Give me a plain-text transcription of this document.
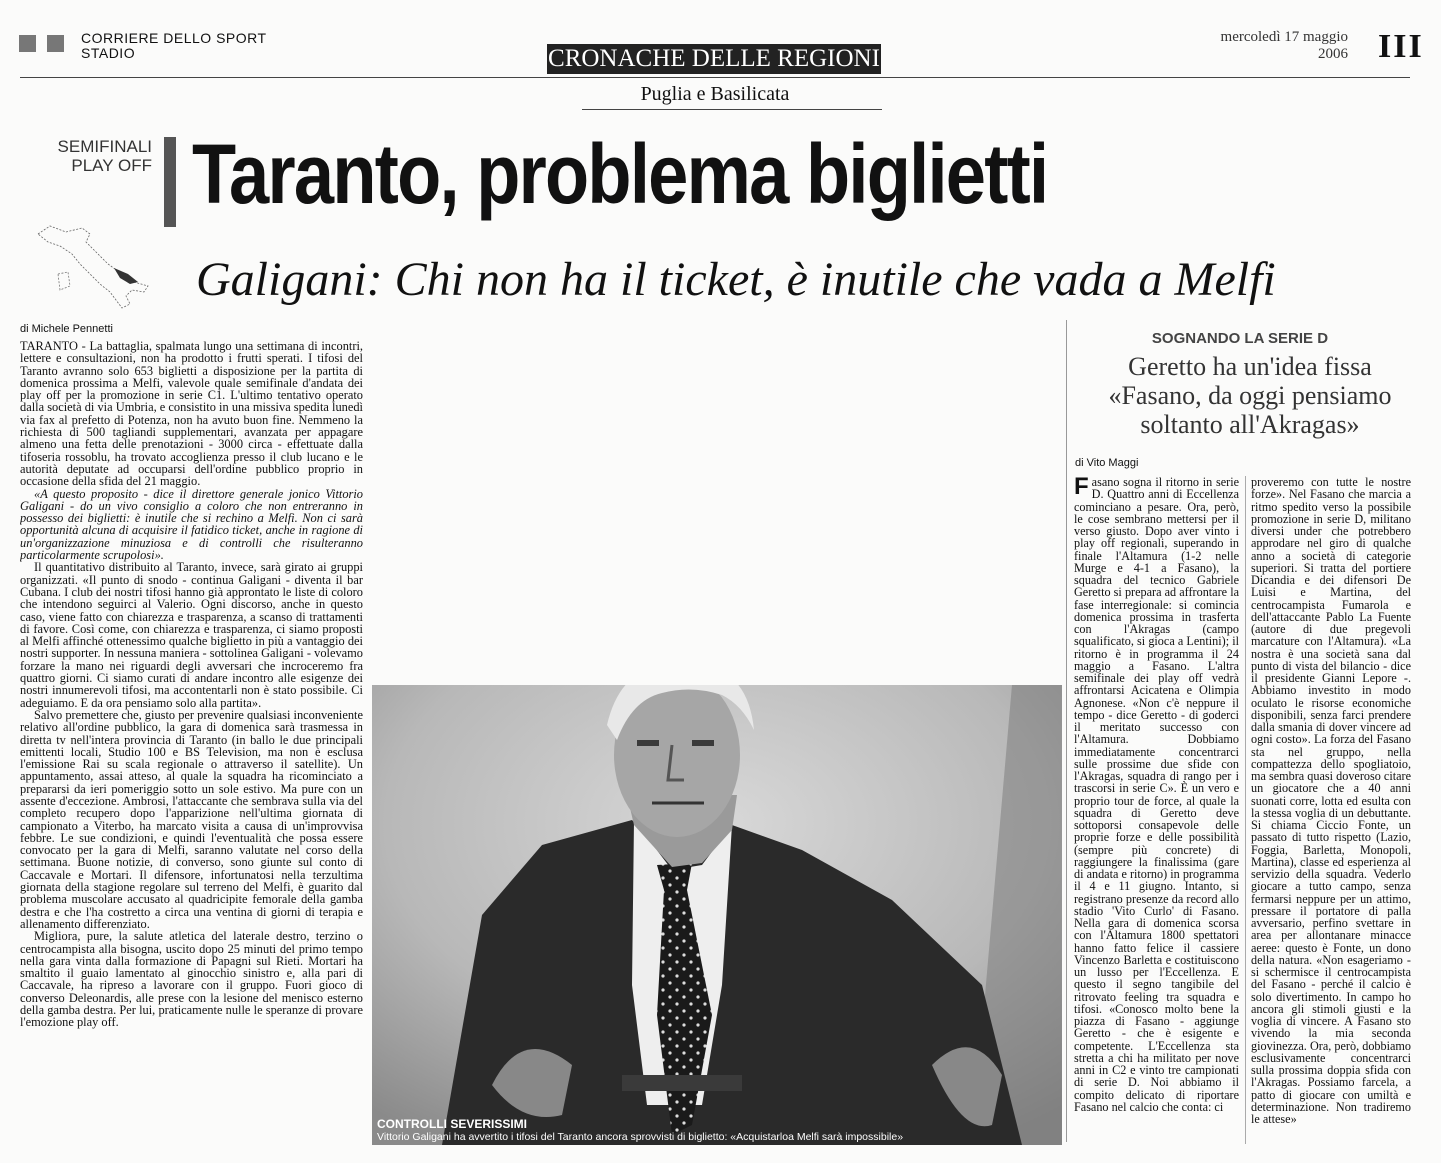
CORRIERE DELLO SPORT
STADIO	CRONACHE DELLE REGIONI
Puglia e Basilicata
mercoledì 17 maggio
2006 III
SEMIFINALI
PLAY OFF Taranto, problema biglietti
Galigani: Chi non ha il ticket, è inutile che vada a Melfi
di Michele Pennetti

TARANTO - La battaglia, spalmata lungo una settimana di incontri, lettere e consultazioni, non ha prodotto i frutti sperati. I tifosi del Taranto avranno solo 653 biglietti a disposizione per la partita di domenica prossima a Melfi, valevole quale semifinale d'andata dei play off per la promozione in serie C1. L'ultimo tentativo operato dalla società di via Umbria, e consistito in una missiva spedita lunedì via fax al prefetto di Potenza, non ha avuto buon fine. Nemmeno la richiesta di 500 tagliandi supplementari, avanzata per appagare almeno una fetta delle prenotazioni - 3000 circa - effettuate dalla tifoseria rossoblu, ha trovato accoglienza presso il club lucano e le autorità deputate ad occuparsi dell'ordine pubblico proprio in occasione della sfida del 21 maggio.

«A questo proposito - dice il direttore generale jonico Vittorio Galigani - do un vivo consiglio a coloro che non entreranno in possesso dei biglietti: è inutile che si rechino a Melfi. Non ci sarà opportunità alcuna di acquisire il fatidico ticket, anche in ragione di un'organizzazione minuziosa e di controlli che risulteranno particolarmente scrupolosi».

Il quantitativo distribuito al Taranto, invece, sarà girato ai gruppi organizzati. «Il punto di snodo - continua Galigani - diventa il bar Cubana. I club dei nostri tifosi hanno già approntato le liste di coloro che intendono seguirci al Valerio. Ogni discorso, anche in questo caso, viene fatto con chiarezza e trasparenza, a scanso di trattamenti di favore. Così come, con chiarezza e trasparenza, ci siamo proposti al Melfi affinché ottenessimo qualche biglietto in più a vantaggio dei nostri supporter. In nessuna maniera - sottolinea Galigani - volevamo forzare la mano nei riguardi degli avversari che incroceremo fra quattro giorni. Ci siamo curati di andare incontro alle esigenze dei nostri innumerevoli tifosi, ma accontentarli non è stato possibile. Ci adeguiamo. E da ora pensiamo solo alla partita».

Salvo premettere che, giusto per prevenire qualsiasi inconveniente relativo all'ordine pubblico, la gara di domenica sarà trasmessa in diretta tv nell'intera provincia di Taranto (in ballo le due principali emittenti locali, Studio 100 e BS Television, ma non è esclusa l'emissione Rai su scala regionale o attraverso il satellite). Un appuntamento, assai atteso, al quale la squadra ha ricominciato a prepararsi da ieri pomeriggio sotto un sole estivo. Ma pure con un assente d'eccezione. Ambrosi, l'attaccante che sembrava sulla via del completo recupero dopo l'apparizione nell'ultima giornata di campionato a Viterbo, ha marcato visita a causa di un'improvvisa febbre. Le sue condizioni, e quindi l'eventualità che possa essere convocato per la gara di Melfi, saranno valutate nel corso della settimana. Buone notizie, di converso, sono giunte sul conto di Caccavale e Mortari. Il difensore, infortunatosi nella terzultima giornata della stagione regolare sul terreno del Melfi, è guarito dal problema muscolare accusato al quadricipite femorale della gamba destra e che l'ha costretto a circa una ventina di giorni di terapia e allenamento differenziato.

Migliora, pure, la salute atletica del laterale destro, terzino o centrocampista alla bisogna, uscito dopo 25 minuti del primo tempo nella gara vinta dalla formazione di Papagni sul Rieti. Mortari ha smaltito il guaio lamentato al ginocchio sinistro e, alla pari di Caccavale, ha ripreso a lavorare con il gruppo. Fuori gioco di converso Deleonardis, alle prese con la lesione del menisco esterno della gamba destra. Per lui, praticamente nulle le speranze di provare l'emozione play off.

CONTROLLI SEVERISSIMI
Vittorio Galigani ha avvertito i tifosi del Taranto ancora sprovvisti di biglietto: «Acquistarloa Melfi sarà impossibile»
SOGNANDO LA SERIE D
Geretto ha un'idea fissa
«Fasano, da oggi pensiamo
soltanto all'Akragas»
di Vito Maggi

Fasano sogna il ritorno in serie D. Quattro anni di Eccellenza cominciano a pesare. Ora, però, le cose sembrano mettersi per il verso giusto. Dopo aver vinto i play off regionali, superando in finale l'Altamura (1-2 nelle Murge e 4-1 a Fasano), la squadra del tecnico Gabriele Geretto si prepara ad affrontare la fase interregionale: si comincia domenica prossima in trasferta con l'Akragas (campo squalificato, si gioca a Lentini); il ritorno è in programma il 24 maggio a Fasano. L'altra semifinale dei play off vedrà affrontarsi Acicatena e Olimpia Agnonese. «Non c'è neppure il tempo - dice Geretto - di goderci il meritato successo con l'Altamura. Dobbiamo immediatamente concentrarci sulle prossime due sfide con l'Akragas, squadra di rango per i trascorsi in serie C». È un vero e proprio tour de force, al quale la squadra di Geretto deve sottoporsi consapevole delle proprie forze e delle possibilità (sempre più concrete) di raggiungere la finalissima (gare di andata e ritorno) in programma il 4 e 11 giugno. Intanto, si registrano presenze da record allo stadio 'Vito Curlo' di Fasano. Nella gara di domenica scorsa con l'Altamura 1800 spettatori hanno fatto felice il cassiere Vincenzo Barletta e costituiscono un lusso per l'Eccellenza. E questo il segno tangibile del ritrovato feeling tra squadra e tifosi. «Conosco molto bene la piazza di Fasano - aggiunge Geretto - che è esigente e competente. L'Eccellenza sta stretta a chi ha militato per nove anni in C2 e vinto tre campionati di serie D. Noi abbiamo il compito delicato di riportare Fasano nel calcio che conta: ci

proveremo con tutte le nostre forze». Nel Fasano che marcia a ritmo spedito verso la possibile promozione in serie D, militano diversi under che potrebbero approdare nel giro di qualche anno a società di categorie superiori. Si tratta del portiere Dicandia e dei difensori De Luisi e Martina, del centrocampista Fumarola e dell'attaccante Pablo La Fuente (autore di due pregevoli marcature con l'Altamura). «La nostra è una società sana dal punto di vista del bilancio - dice il presidente Gianni Lepore -. Abbiamo investito in modo oculato le risorse economiche disponibili, senza farci prendere dalla smania di dover vincere ad ogni costo». La forza del Fasano sta nel gruppo, nella compattezza dello spogliatoio, ma sembra quasi doveroso citare un giocatore che a 40 anni suonati corre, lotta ed esulta con la stessa voglia di un debuttante. Si chiama Ciccio Fonte, un passato di tutto rispetto (Lazio, Foggia, Barletta, Monopoli, Martina), classe ed esperienza al servizio della squadra. Vederlo giocare a tutto campo, senza fermarsi neppure per un attimo, pressare il portatore di palla avversario, perfino svettare in area per allontanare minacce aeree: questo è Fonte, un dono della natura. «Non esageriamo - si schermisce il centrocampista del Fasano - perché il calcio è solo divertimento. In campo ho ancora gli stimoli giusti e la voglia di vincere. A Fasano sto vivendo la mia seconda giovinezza. Ora, però, dobbiamo esclusivamente concentrarci sulla prossima doppia sfida con l'Akragas. Possiamo farcela, a patto di giocare con umiltà e determinazione. Non tradiremo le attese»
